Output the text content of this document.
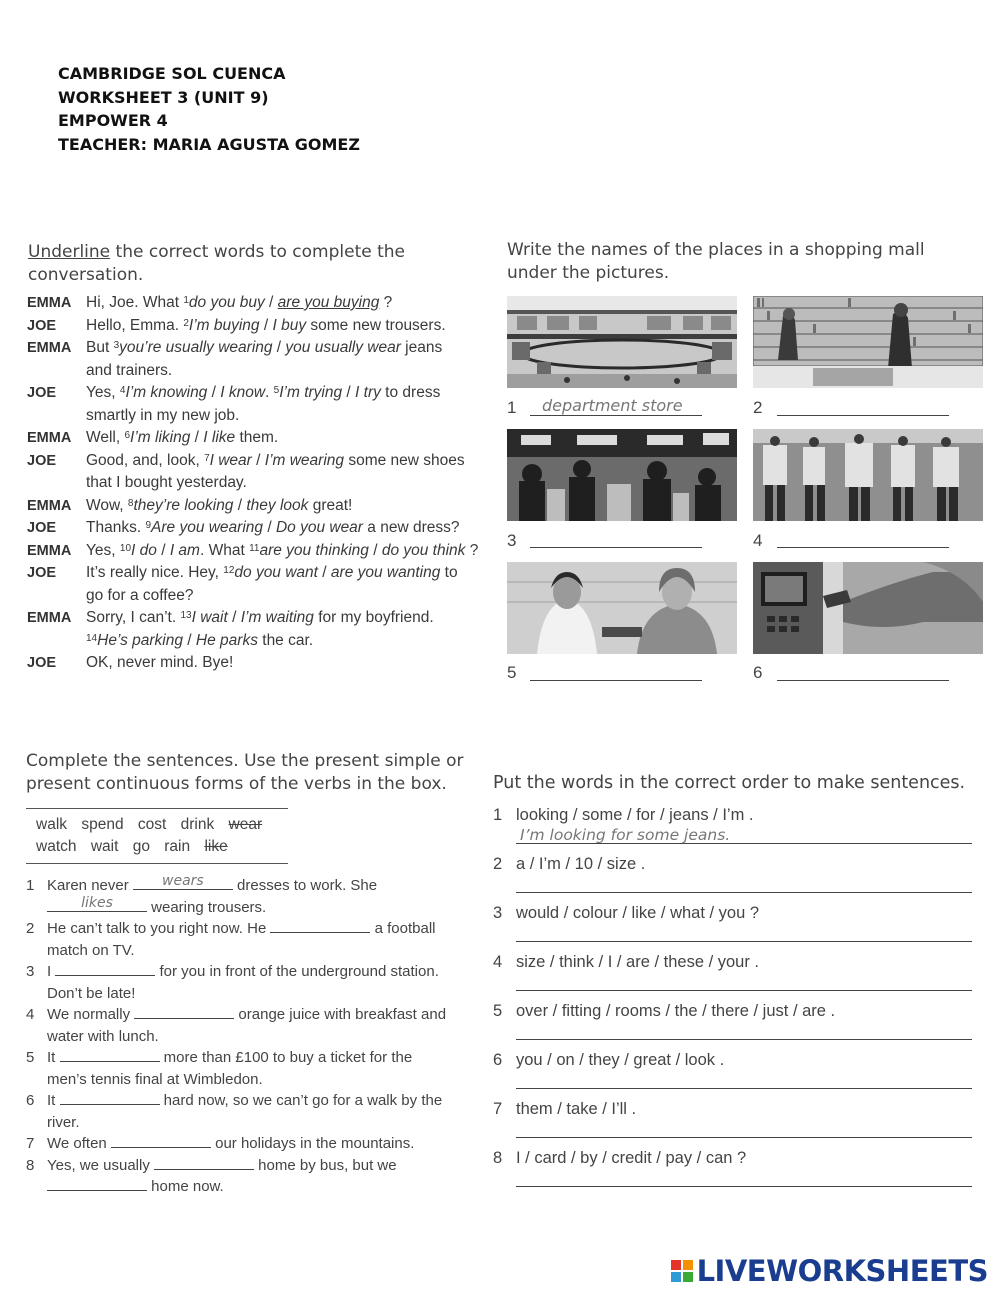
CAMBRIDGE SOL CUENCA
WORKSHEET 3 (UNIT 9)
EMPOWER 4
TEACHER: MARIA AGUSTA GOMEZ
Underline the correct words to complete the
conversation.
EMMA Hi, Joe. What $^1$do you buy / are you buying ?
JOE	Hello, Emma. $^2$I’m buying / I buy some new trousers.
EMMA But $^3$you’re usually wearing / you usually wear jeans
and trainers.
JOE	Yes, $^4$I’m knowing / I know. $^5$I’m trying / I try to dress
smartly in my new job.
EMMA Well, $^6$I’m liking / I like them.
JOE	Good, and, look, $^7$I wear / I’m wearing some new shoes
that I bought yesterday.
EMMA Wow, $^8$they’re looking / they look great!
JOE	Thanks. $^9$Are you wearing / Do you wear a new dress?
EMMA Yes, $^{10}$I do / I am. What $^{11}$are you thinking / do you think ?
JOE	It’s really nice. Hey, $^{12}$do you want / are you wanting to
go for a coffee?
EMMA Sorry, I can’t. $^{13}$I wait / I’m waiting for my boyfriend.
$^{14}$He’s parking / He parks the car.
JOE	OK, never mind. Bye!
Write the names of the places in a shopping mall
under the pictures.
1 department store	2
3	4
5	6
Complete the sentences. Use the present simple or
present continuous forms of the verbs in the box.
walk spend cost drink wear
watch wait go rain like
1 Karen never	wears	dresses to work. She
likes	wearing trousers.
2 He can’t talk to you right now. He	a football
match on TV.
3 I	for you in front of the underground station.
Don’t be late!
4 We normally	orange juice with breakfast and
water with lunch.
5 It	more than £100 to buy a ticket for the
men’s tennis final at Wimbledon.
6 It	hard now, so we can’t go for a walk by the
river.
7 We often	our holidays in the mountains.
8 Yes, we usually	home by bus, but we
home now.
Put the words in the correct order to make sentences.
1 looking / some / for / jeans / I’m .
I’m looking for some jeans.
2 a / I’m / 10 / size .
3 would / colour / like / what / you ?
4 size / think / I / are / these / your .
5 over / fitting / rooms / the / there / just / are .
6 you / on / they / great / look .
7 them / take / I’ll .
8 I / card / by / credit / pay / can ?
LIVEWORKSHEETS
